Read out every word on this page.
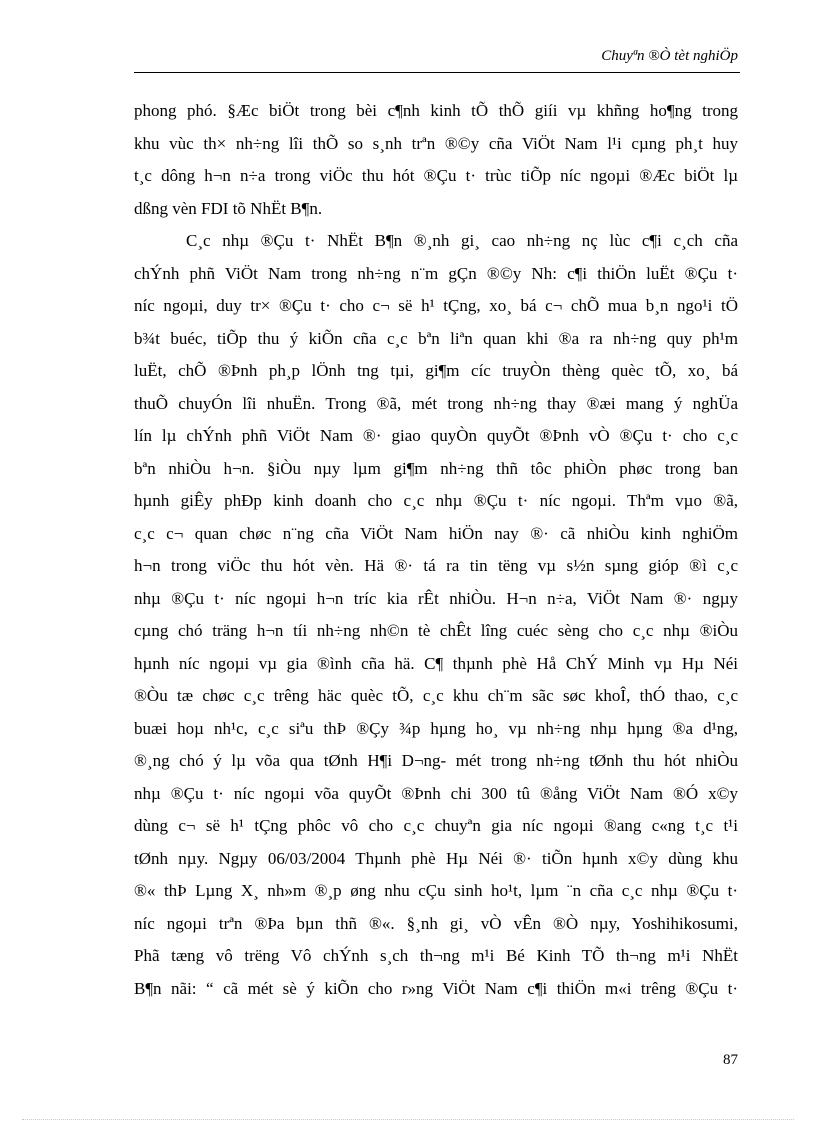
Chuyªn ®Ò tèt nghiÖp
phong phó. §Æc biÖt trong bèi c¶nh kinh tÕ thÕ giíi vµ khñng ho¶ng trong
khu vùc th× nh÷ng lîi thÕ so s¸nh trªn ®©y cña ViÖt Nam l¹i cµng ph¸t huy
t¸c dông h¬n n÷a trong viÖc thu hót ®Çu t· trùc tiÕp níc ngoµi ®Æc biÖt lµ
dßng vèn FDI tõ NhËt B¶n.
C¸c nhµ ®Çu t· NhËt B¶n ®¸nh gi¸ cao nh÷ng nç lùc c¶i c¸ch cña
chÝnh phñ ViÖt Nam trong nh÷ng n¨m gÇn ®©y Nh: c¶i thiÖn luËt ®Çu t·
níc ngoµi, duy tr× ®Çu t· cho c¬ së h¹ tÇng, xo¸ bá c¬ chÕ mua b¸n ngo¹i tÖ
b¾t buéc, tiÕp thu ý kiÕn cña c¸c bªn liªn quan khi ®a ra nh÷ng quy ph¹m
luËt, chÕ ®Þnh ph¸p lÖnh tng tµi, gi¶m cíc truyÒn thèng quèc tÕ, xo¸ bá
thuÕ chuyÓn lîi nhuËn. Trong ®ã, mét trong nh÷ng thay ®æi mang ý nghÜa
lín lµ chÝnh phñ ViÖt Nam ®· giao quyÒn quyÕt ®Þnh vÒ ®Çu t· cho c¸c
bªn nhiÒu h¬n. §iÒu nµy lµm gi¶m nh÷ng thñ tôc phiÒn phøc trong ban
hµnh giÊy phÐp kinh doanh cho c¸c nhµ ®Çu t· níc ngoµi. Thªm vµo ®ã,
c¸c c¬ quan chøc n¨ng cña ViÖt Nam hiÖn nay ®· cã nhiÒu kinh nghiÖm
h¬n trong viÖc thu hót vèn. Hä ®· tá ra tin tëng vµ s½n sµng gióp ®ì c¸c
nhµ ®Çu t· níc ngoµi h¬n tríc kia rÊt nhiÒu. H¬n n÷a, ViÖt Nam ®· ngµy
cµng chó träng h¬n tíi nh÷ng nh©n tè chÊt lîng cuéc sèng cho c¸c nhµ ®iÒu
hµnh níc ngoµi vµ gia ®ình cña hä. C¶ thµnh phè Hå ChÝ Minh vµ Hµ Néi
®Òu tæ chøc c¸c trêng häc quèc tÕ, c¸c khu ch¨m sãc søc khoÎ, thÓ thao, c¸c
buæi hoµ nh¹c, c¸c siªu thÞ ®Çy ¾p hµng ho¸ vµ nh÷ng nhµ hµng ®a d¹ng,
®¸ng chó ý lµ võa qua tØnh H¶i D¬ng- mét trong nh÷ng tØnh thu hót nhiÒu
nhµ ®Çu t· níc ngoµi võa quyÕt ®Þnh chi 300 tû ®ång ViÖt Nam ®Ó x©y
dùng c¬ së h¹ tÇng phôc vô cho c¸c chuyªn gia níc ngoµi ®ang c«ng t¸c t¹i
tØnh nµy. Ngµy 06/03/2004 Thµnh phè Hµ Néi ®· tiÕn hµnh x©y dùng khu
®« thÞ Lµng X¸ nh»m ®¸p øng nhu cÇu sinh ho¹t, lµm ¨n cña c¸c nhµ ®Çu t·
níc ngoµi trªn ®Þa bµn thñ ®«. §¸nh gi¸ vÒ vÊn ®Ò nµy, Yoshihikosumi,
Phã tæng vô trëng Vô chÝnh s¸ch th¬ng m¹i Bé Kinh TÕ th¬ng m¹i NhËt
B¶n nãi: “ cã mét sè ý kiÕn cho r»ng ViÖt Nam c¶i thiÖn m«i trêng ®Çu t·
87
